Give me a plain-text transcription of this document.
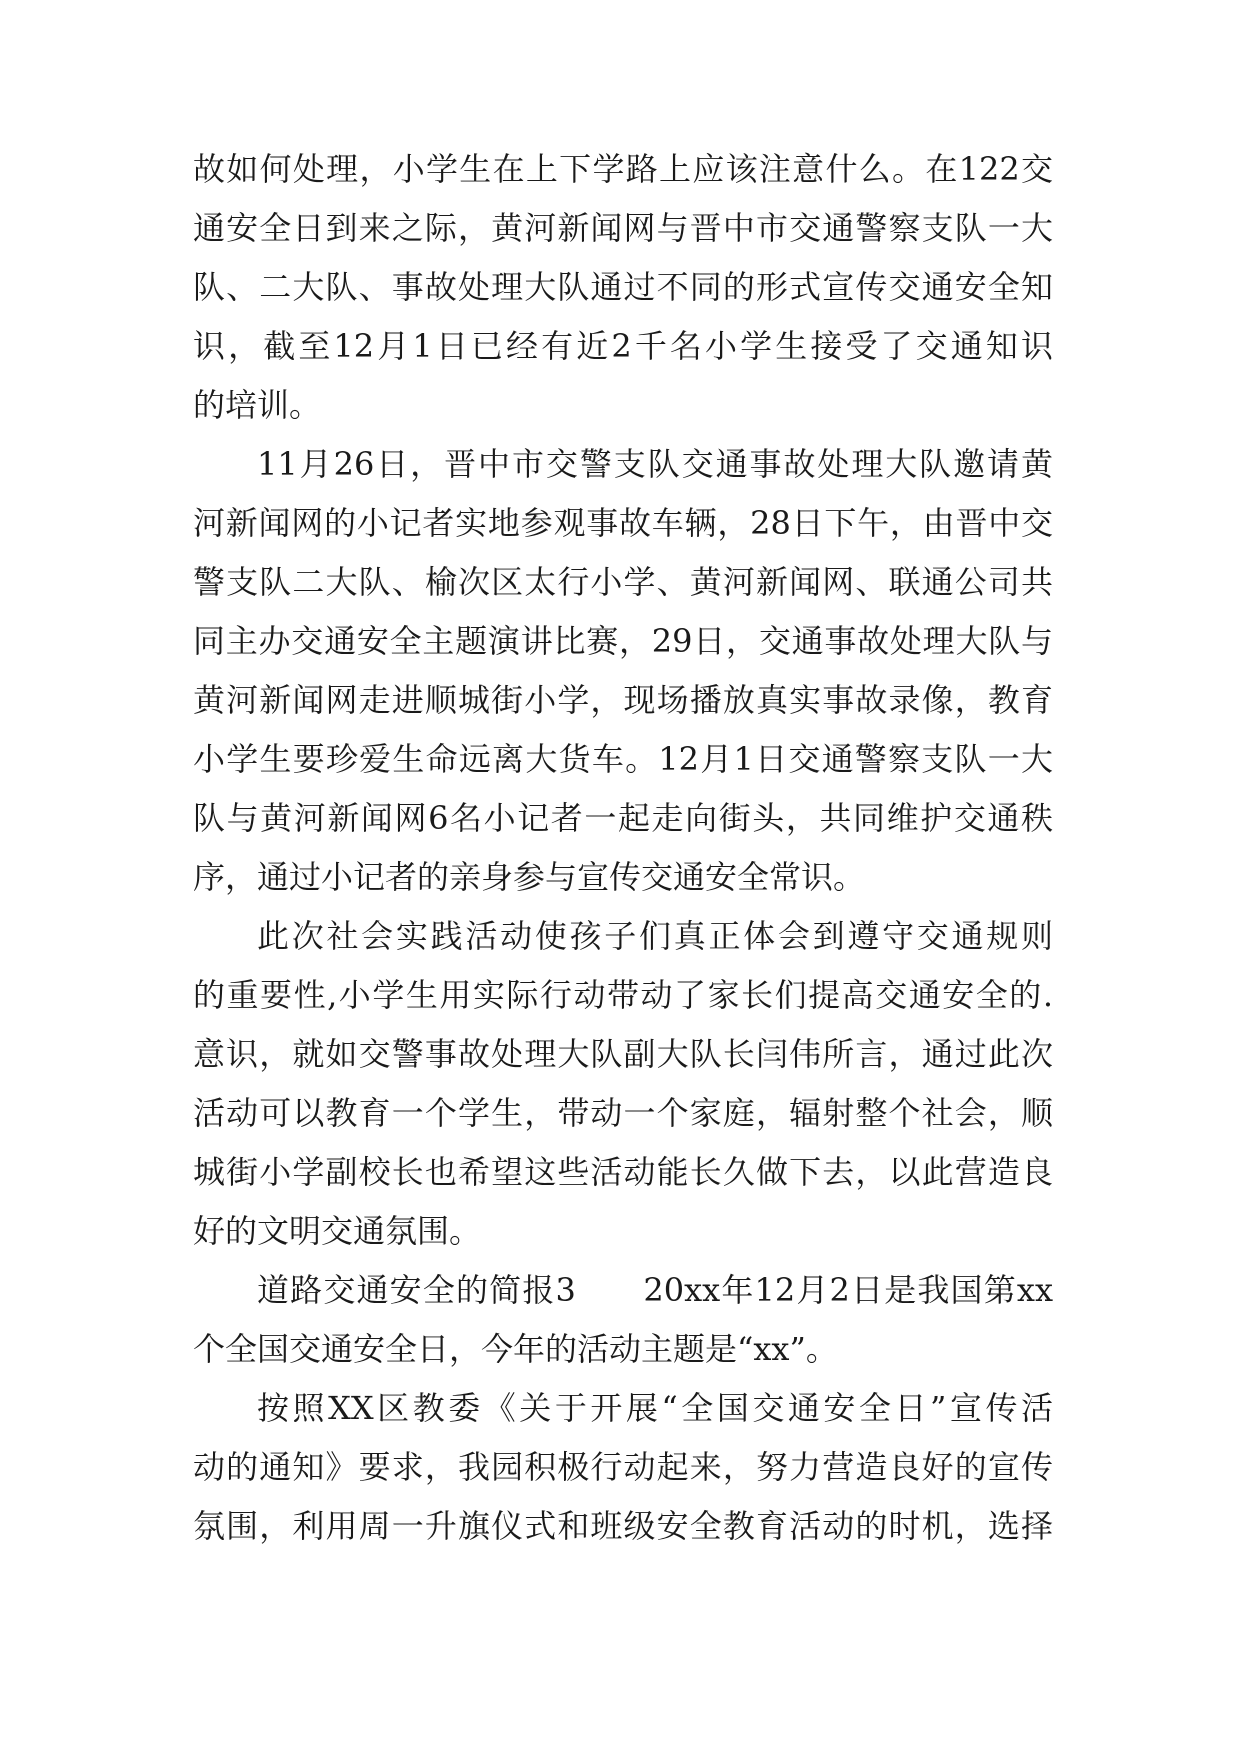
故如何处理，小学生在上下学路上应该注意什么。在122交
通安全日到来之际，黄河新闻网与晋中市交通警察支队一大
队、二大队、事故处理大队通过不同的形式宣传交通安全知
识，截至12月1日已经有近2千名小学生接受了交通知识
的培训。
11月26日，晋中市交警支队交通事故处理大队邀请黄
河新闻网的小记者实地参观事故车辆，28日下午，由晋中交
警支队二大队、榆次区太行小学、黄河新闻网、联通公司共
同主办交通安全主题演讲比赛，29日，交通事故处理大队与
黄河新闻网走进顺城街小学，现场播放真实事故录像，教育
小学生要珍爱生命远离大货车。12月1日交通警察支队一大
队与黄河新闻网6名小记者一起走向街头，共同维护交通秩
序，通过小记者的亲身参与宣传交通安全常识。
此次社会实践活动使孩子们真正体会到遵守交通规则
的重要性,小学生用实际行动带动了家长们提高交通安全的.
意识，就如交警事故处理大队副大队长闫伟所言，通过此次
活动可以教育一个学生，带动一个家庭，辐射整个社会，顺
城街小学副校长也希望这些活动能长久做下去，以此营造良
好的文明交通氛围。
道路交通安全的简报3　　20xx年12月2日是我国第xx
个全国交通安全日，今年的活动主题是“xx”。
按照XX区教委《关于开展“全国交通安全日”宣传活
动的通知》要求，我园积极行动起来，努力营造良好的宣传
氛围，利用周一升旗仪式和班级安全教育活动的时机，选择
